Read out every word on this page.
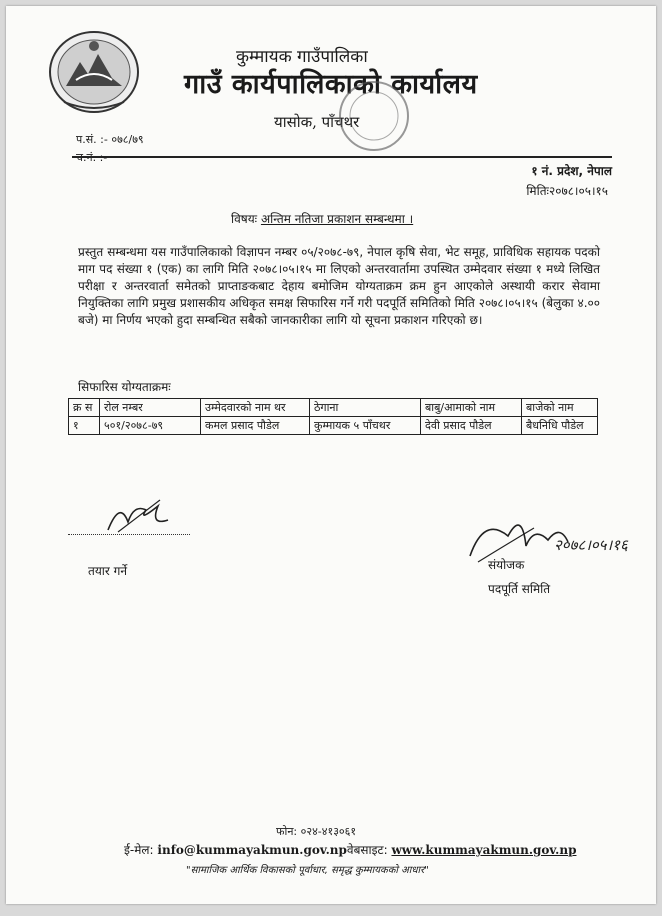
कुम्मायक गाउँपालिका
गाउँ कार्यपालिकाको कार्यालय
यासोक, पाँचथर
प.सं. :- ०७८/७९
१ नं. प्रदेश, नेपाल
मितिः२०७८।०५।१५
विषयः अन्तिम नतिजा प्रकाशन सम्बन्धमा ।
प्रस्तुत सम्बन्धमा यस गाउँपालिकाको विज्ञापन नम्बर ०५/२०७८-७९, नेपाल कृषि सेवा, भेट समूह, प्राविधिक सहायक पदको माग पद संख्या १ (एक) का लागि मिति २०७८।०५।१५ मा लिएको अन्तरवार्तामा उपस्थित उम्मेदवार संख्या १ मध्ये लिखित परीक्षा र अन्तरवार्ता समेतको प्राप्ताङकबाट देहाय बमोजिम योग्यताक्रम क्रम हुन आएकोले अस्थायी करार सेवामा नियुक्तिका लागि प्रमुख प्रशासकीय अधिकृत समक्ष सिफारिस गर्ने गरी पदपूर्ति समितिको मिति २०७८।०५।१५ (बेलुका ४.०० बजे) मा निर्णय भएको हुदा सम्बन्धित सबैको जानकारीका लागि यो सूचना प्रकाशन गरिएको छ।
सिफारिस योग्यताक्रमः
क्र स	रोल नम्बर	उम्मेदवारको नाम थर	ठेगाना	बाबु/आमाको नाम	बाजेको नाम
१	५०१/२०७८-७९	कमल प्रसाद पौडेल	कुम्मायक ५ पाँचथर	देवी प्रसाद पौडेल	बैधनिधि पौडेल
तयार गर्ने
२०७८।०५।१६
संयोजक
पदपूर्ति समिति
फोन: ०२४-४१३०६१
ई-मेल: info@kummayakmun.gov.npवेबसाइट: www.kummayakmun.gov.np
"सामाजिक आर्थिक विकासको पूर्वाधार, समृद्ध कुम्मायकको आधार"
